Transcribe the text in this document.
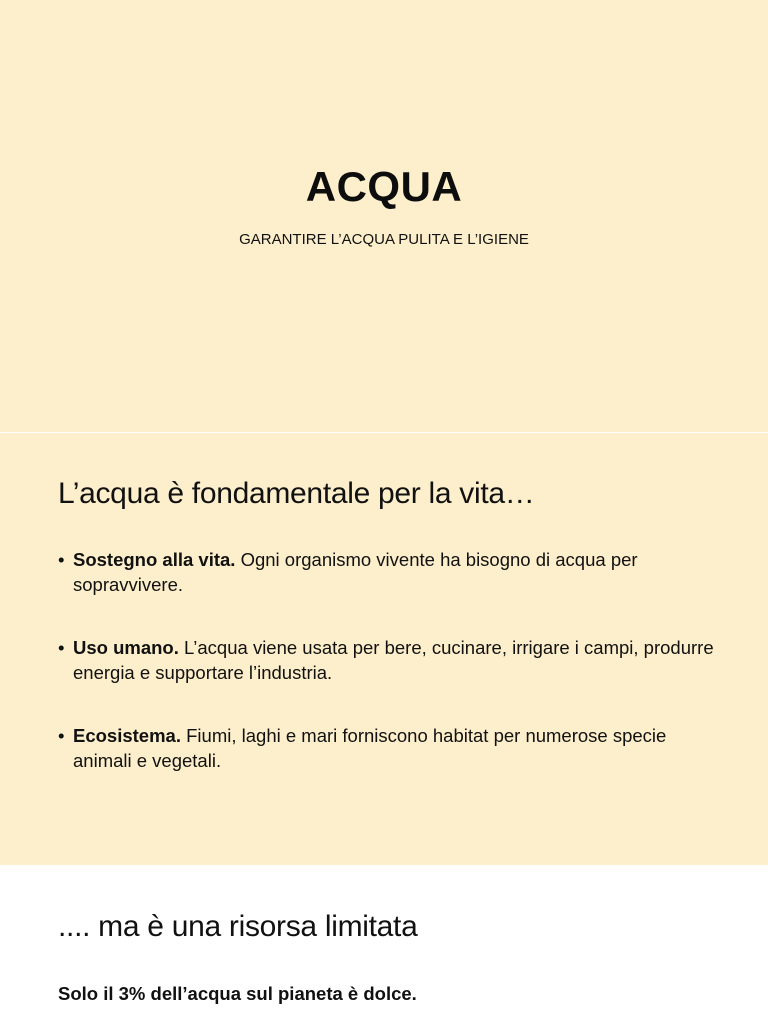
ACQUA
GARANTIRE L’ACQUA PULITA E L’IGIENE
L’acqua è fondamentale per la vita…
• Sostegno alla vita. Ogni organismo vivente ha bisogno di acqua per sopravvivere.
• Uso umano. L’acqua viene usata per bere, cucinare, irrigare i campi, produrre energia e supportare l’industria.
• Ecosistema. Fiumi, laghi e mari forniscono habitat per numerose specie animali e vegetali.
.... ma è una risorsa limitata
Solo il 3% dell’acqua sul pianeta è dolce.
